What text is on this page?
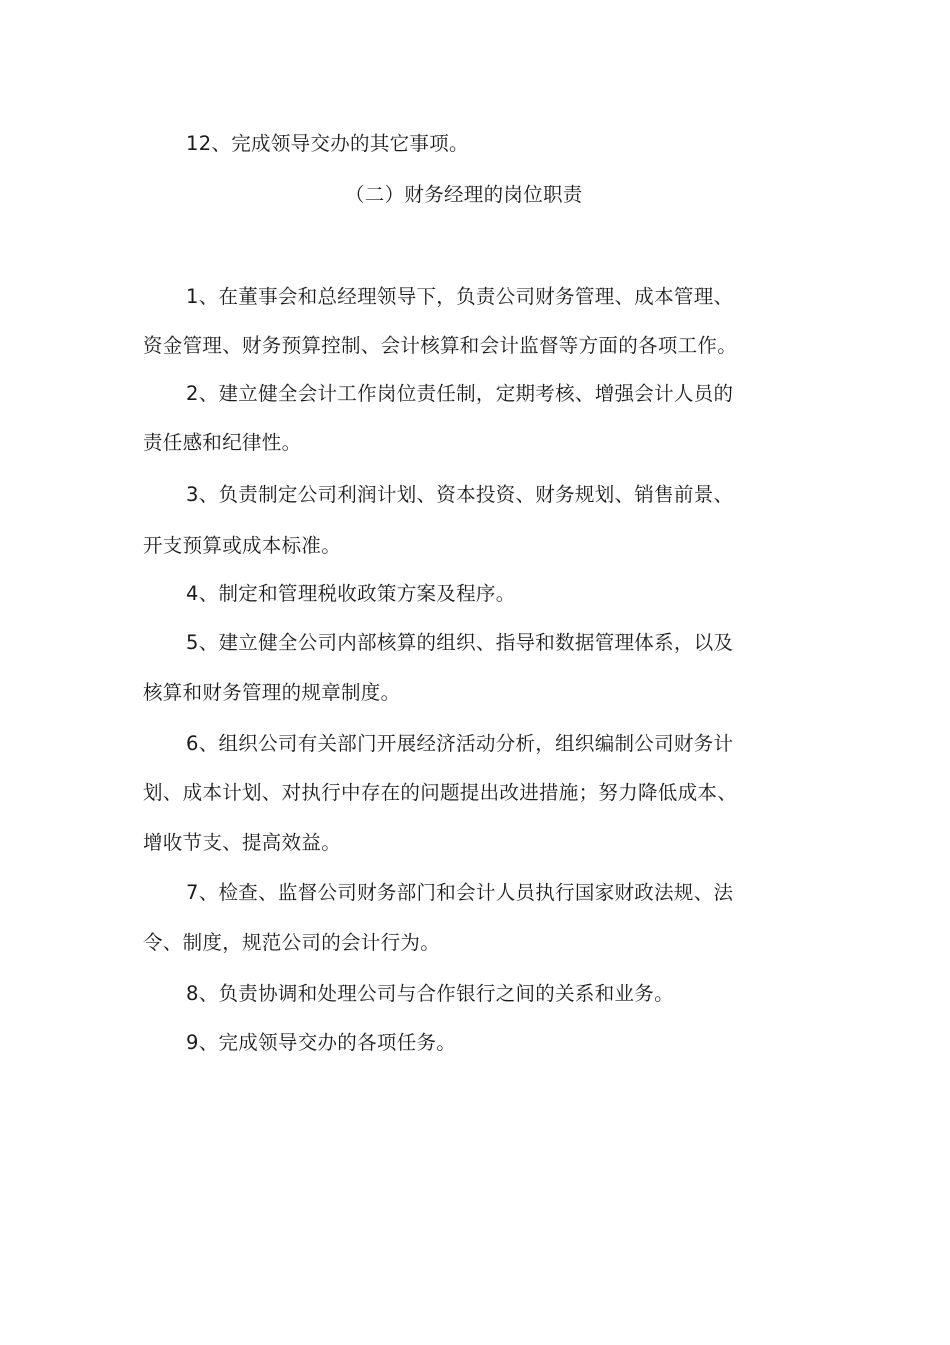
12、完成领导交办的其它事项。
（二）财务经理的岗位职责
1、在董事会和总经理领导下，负责公司财务管理、成本管理、
资金管理、财务预算控制、会计核算和会计监督等方面的各项工作。
2、建立健全会计工作岗位责任制，定期考核、增强会计人员的
责任感和纪律性。
3、负责制定公司利润计划、资本投资、财务规划、销售前景、
开支预算或成本标准。
4、制定和管理税收政策方案及程序。
5、建立健全公司内部核算的组织、指导和数据管理体系，以及
核算和财务管理的规章制度。
6、组织公司有关部门开展经济活动分析，组织编制公司财务计
划、成本计划、对执行中存在的问题提出改进措施；努力降低成本、
增收节支、提高效益。
7、检查、监督公司财务部门和会计人员执行国家财政法规、法
令、制度，规范公司的会计行为。
8、负责协调和处理公司与合作银行之间的关系和业务。
9、完成领导交办的各项任务。
